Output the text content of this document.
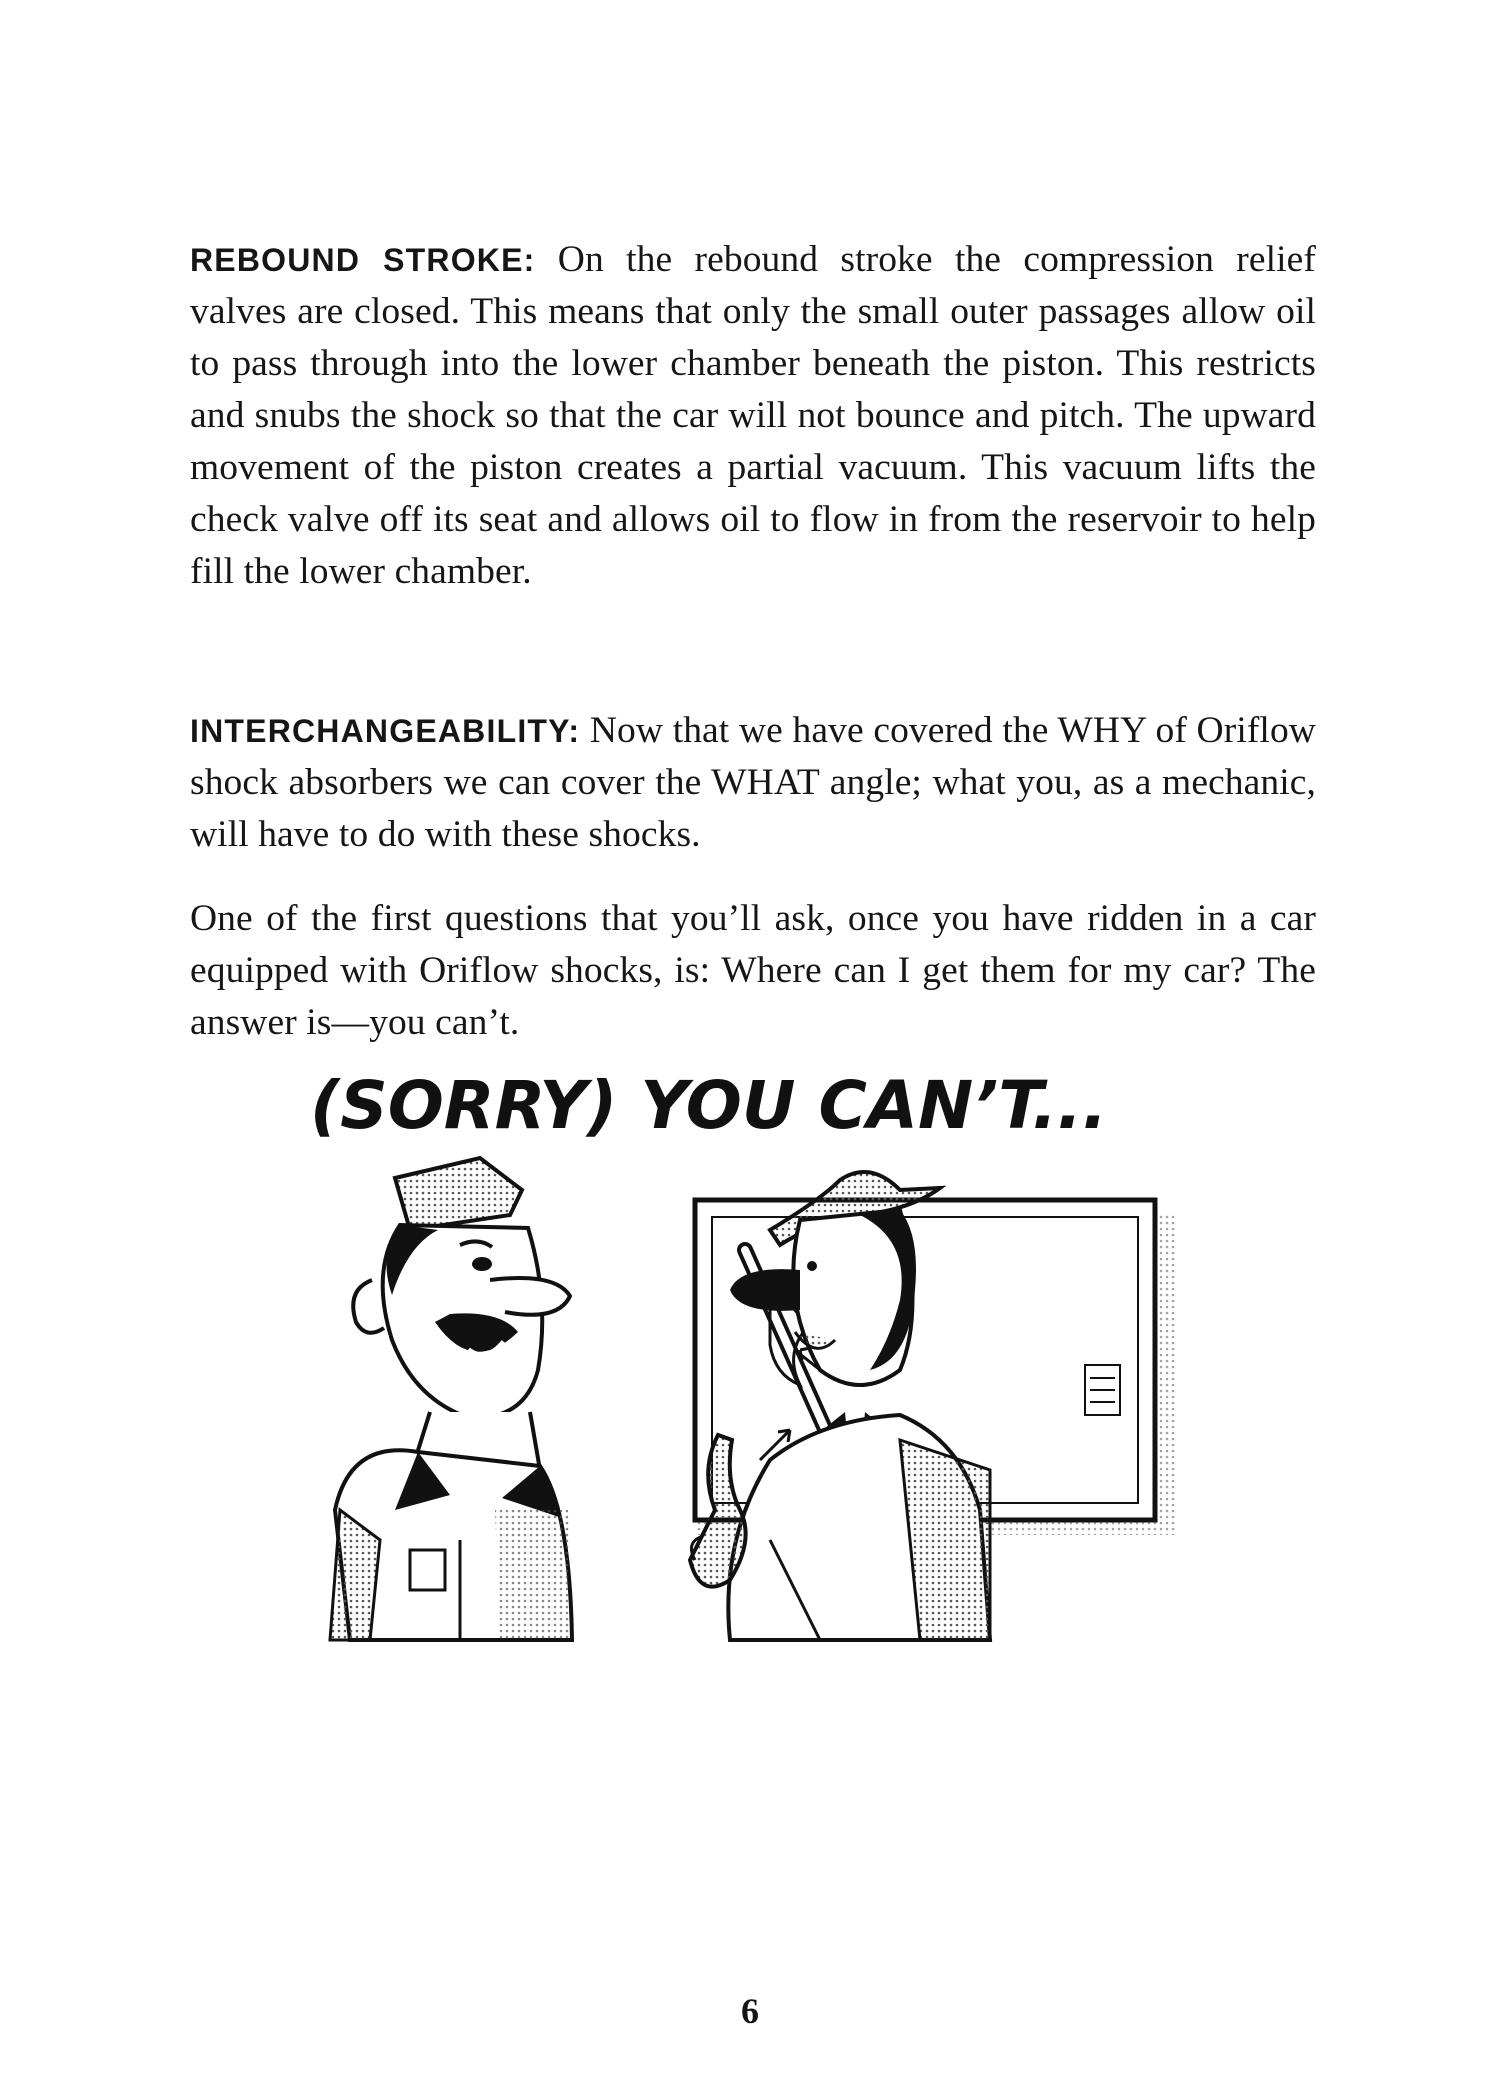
REBOUND STROKE: On the rebound stroke the compression relief valves are closed. This means that only the small outer passages allow oil to pass through into the lower chamber beneath the piston. This restricts and snubs the shock so that the car will not bounce and pitch. The upward movement of the piston creates a partial vacuum. This vacuum lifts the check valve off its seat and allows oil to flow in from the reservoir to help fill the lower chamber.

INTERCHANGEABILITY: Now that we have covered the WHY of Oriflow shock absorbers we can cover the WHAT angle; what you, as a mechanic, will have to do with these shocks.

One of the first questions that you’ll ask, once you have ridden in a car equipped with Oriflow shocks, is: Where can I get them for my car? The answer is—you can’t.

(SORRY) YOU CAN’T...
6
